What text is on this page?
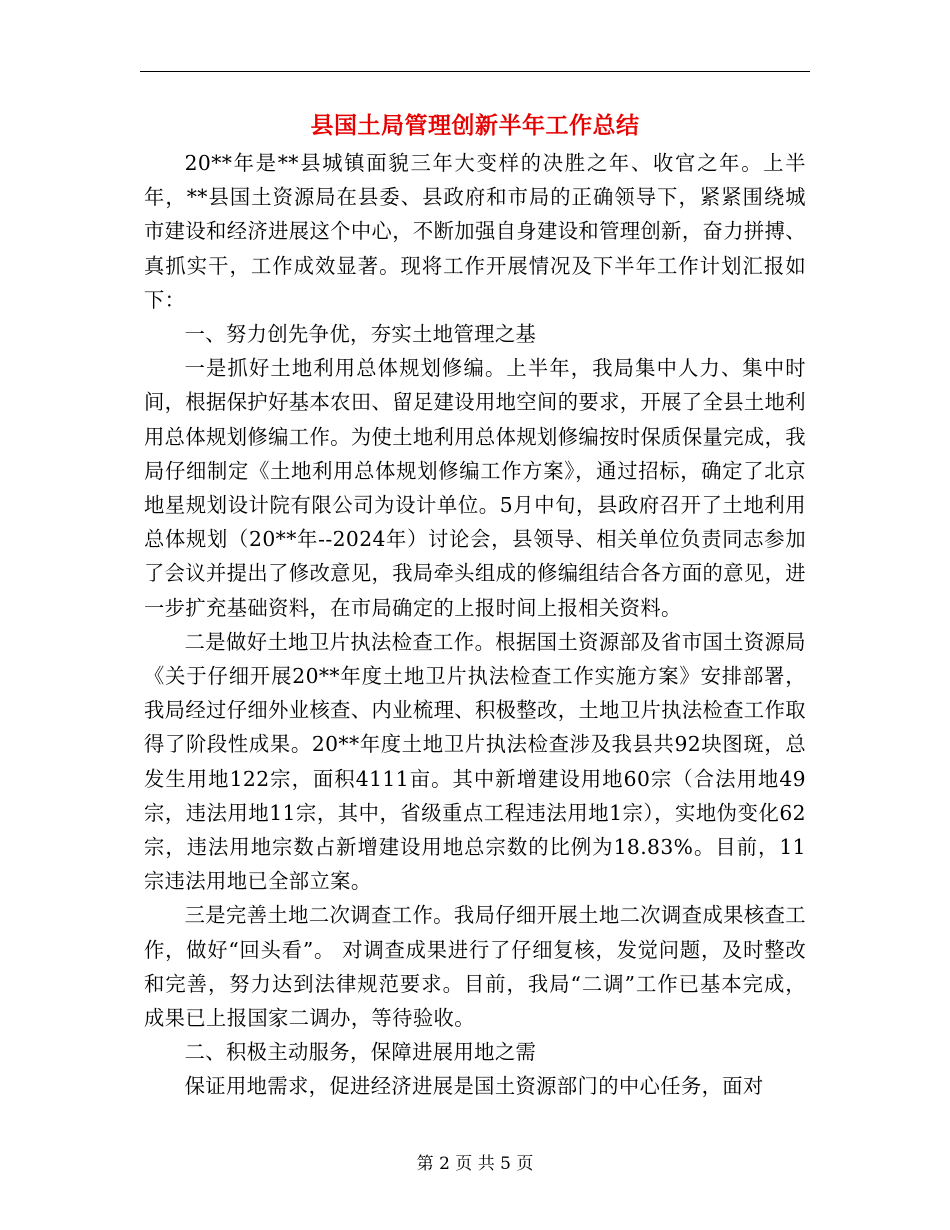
县国土局管理创新半年工作总结

20**年是**县城镇面貌三年大变样的决胜之年、收官之年。上半年，**县国土资源局在县委、县政府和市局的正确领导下，紧紧围绕城市建设和经济进展这个中心，不断加强自身建设和管理创新，奋力拼搏、真抓实干，工作成效显著。现将工作开展情况及下半年工作计划汇报如下：

一、努力创先争优，夯实土地管理之基

一是抓好土地利用总体规划修编。上半年，我局集中人力、集中时间，根据保护好基本农田、留足建设用地空间的要求，开展了全县土地利用总体规划修编工作。为使土地利用总体规划修编按时保质保量完成，我局仔细制定《土地利用总体规划修编工作方案》，通过招标，确定了北京地星规划设计院有限公司为设计单位。5月中旬，县政府召开了土地利用总体规划（20**年--2024年）讨论会，县领导、相关单位负责同志参加了会议并提出了修改意见，我局牵头组成的修编组结合各方面的意见，进一步扩充基础资料，在市局确定的上报时间上报相关资料。

二是做好土地卫片执法检查工作。根据国土资源部及省市国土资源局《关于仔细开展20**年度土地卫片执法检查工作实施方案》安排部署，我局经过仔细外业核查、内业梳理、积极整改，土地卫片执法检查工作取得了阶段性成果。20**年度土地卫片执法检查涉及我县共92块图斑，总发生用地122宗，面积4111亩。其中新增建设用地60宗（合法用地49宗，违法用地11宗，其中，省级重点工程违法用地1宗），实地伪变化62宗，违法用地宗数占新增建设用地总宗数的比例为18.83%。目前，11宗违法用地已全部立案。

三是完善土地二次调查工作。我局仔细开展土地二次调查成果核查工作，做好“回头看”。 对调查成果进行了仔细复核，发觉问题，及时整改和完善，努力达到法律规范要求。目前，我局“二调”工作已基本完成，成果已上报国家二调办，等待验收。

二、积极主动服务，保障进展用地之需

保证用地需求，促进经济进展是国土资源部门的中心任务，面对

第 2 页 共 5 页
